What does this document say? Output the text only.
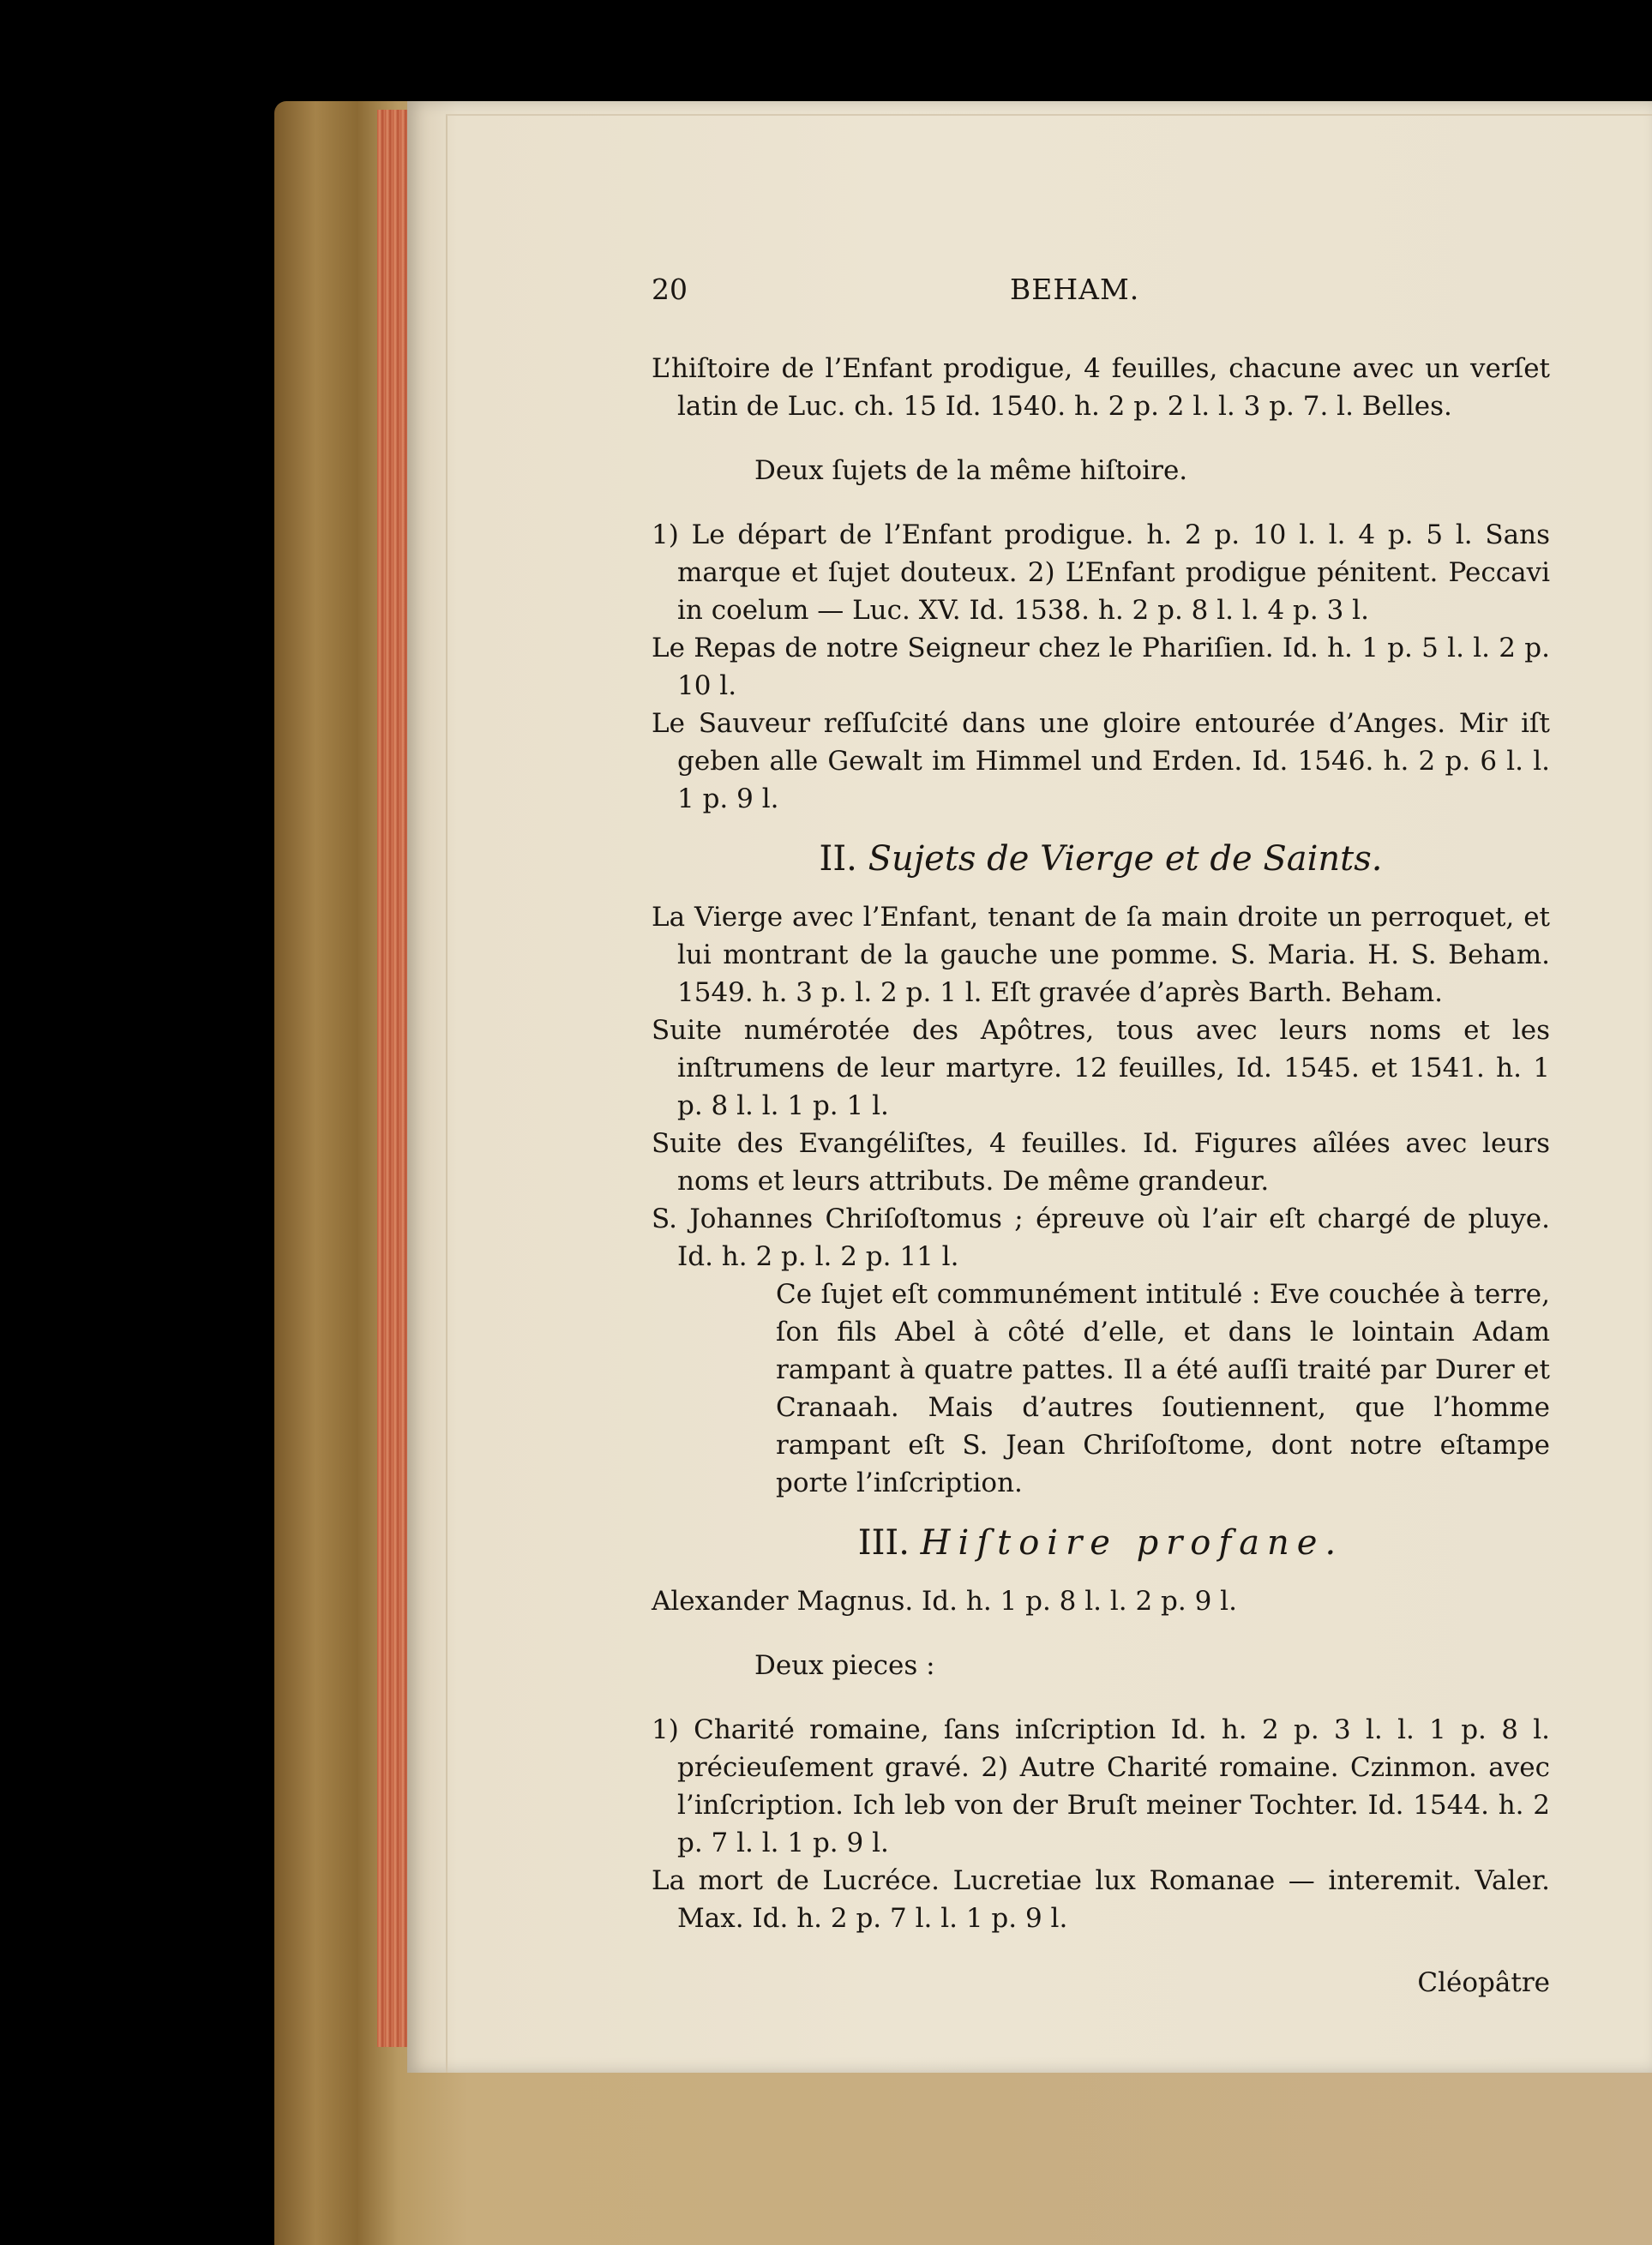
20	BEHAM.

L’hiſtoire de l’Enfant prodigue, 4 feuilles, chacune avec un verſet latin de Luc. ch. 15 Id. 1540. h. 2 p. 2 l. l. 3 p. 7. l. Belles.

Deux ſujets de la même hiſtoire.

1) Le départ de l’Enfant prodigue. h. 2 p. 10 l. l. 4 p. 5 l. Sans marque et ſujet douteux. 2) L’Enfant prodigue pénitent. Peccavi in coelum — Luc. XV. Id. 1538. h. 2 p. 8 l. l. 4 p. 3 l.

Le Repas de notre Seigneur chez le Phariſien. Id. h. 1 p. 5 l. l. 2 p. 10 l.

Le Sauveur reſſuſcité dans une gloire entourée d’Anges. Mir iſt geben alle Gewalt im Himmel und Erden. Id. 1546. h. 2 p. 6 l. l. 1 p. 9 l.

II. Sujets de Vierge et de Saints.

La Vierge avec l’Enfant, tenant de ſa main droite un perroquet, et lui montrant de la gauche une pomme. S. Maria. H. S. Beham. 1549. h. 3 p. l. 2 p. 1 l. Eſt gravée d’après Barth. Beham.

Suite numérotée des Apôtres, tous avec leurs noms et les inſtrumens de leur martyre. 12 feuilles, Id. 1545. et 1541. h. 1 p. 8 l. l. 1 p. 1 l.

Suite des Evangéliſtes, 4 feuilles. Id. Figures aîlées avec leurs noms et leurs attributs. De même grandeur.

S. Johannes Chriſoſtomus ; épreuve où l’air eſt chargé de pluye. Id. h. 2 p. l. 2 p. 11 l.

Ce ſujet eſt communément intitulé : Eve couchée à terre, ſon fils Abel à côté d’elle, et dans le lointain Adam rampant à quatre pattes. Il a été auſſi traité par Durer et Cranaah. Mais d’autres ſoutiennent, que l’homme rampant eſt S. Jean Chriſoſtome, dont notre eſtampe porte l’inſcription.

III. Hiſtoire profane.

Alexander Magnus. Id. h. 1 p. 8 l. l. 2 p. 9 l.

Deux pieces :

1) Charité romaine, ſans inſcription Id. h. 2 p. 3 l. l. 1 p. 8 l. précieuſement gravé. 2) Autre Charité romaine. Czinmon. avec l’inſcription. Ich leb von der Bruſt meiner Tochter. Id. 1544. h. 2 p. 7 l. l. 1 p. 9 l.

La mort de Lucréce. Lucretiae lux Romanae — interemit. Valer. Max. Id. h. 2 p. 7 l. l. 1 p. 9 l.

Cléopâtre
